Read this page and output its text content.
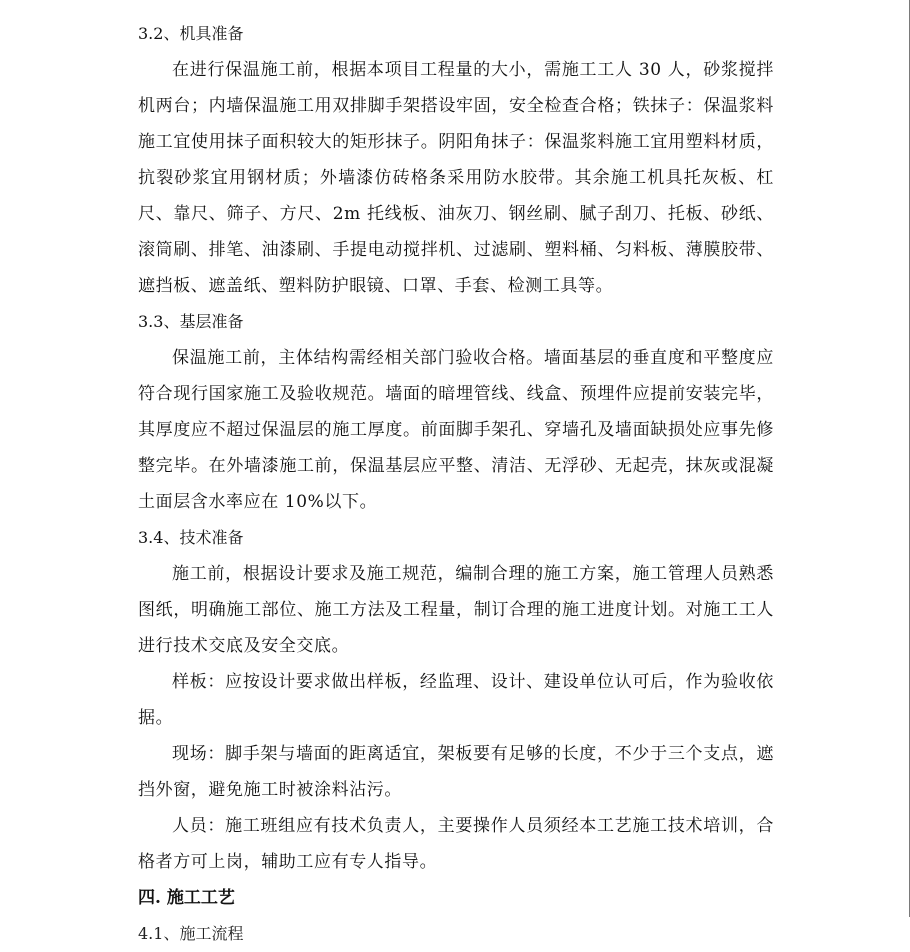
3.2、机具准备

在进行保温施工前，根据本项目工程量的大小，需施工工人 30 人，砂浆搅拌机两台；内墙保温施工用双排脚手架搭设牢固，安全检查合格；铁抹子：保温浆料施工宜使用抹子面积较大的矩形抹子。阴阳角抹子：保温浆料施工宜用塑料材质，抗裂砂浆宜用钢材质；外墙漆仿砖格条采用防水胶带。其余施工机具托灰板、杠尺、靠尺、筛子、方尺、2m 托线板、油灰刀、钢丝刷、腻子刮刀、托板、砂纸、滚筒刷、排笔、油漆刷、手提电动搅拌机、过滤刷、塑料桶、匀料板、薄膜胶带、遮挡板、遮盖纸、塑料防护眼镜、口罩、手套、检测工具等。

3.3、基层准备

保温施工前，主体结构需经相关部门验收合格。墙面基层的垂直度和平整度应符合现行国家施工及验收规范。墙面的暗埋管线、线盒、预埋件应提前安装完毕，其厚度应不超过保温层的施工厚度。前面脚手架孔、穿墙孔及墙面缺损处应事先修整完毕。在外墙漆施工前，保温基层应平整、清洁、无浮砂、无起壳，抹灰或混凝土面层含水率应在 10%以下。

3.4、技术准备

施工前，根据设计要求及施工规范，编制合理的施工方案，施工管理人员熟悉图纸，明确施工部位、施工方法及工程量，制订合理的施工进度计划。对施工工人进行技术交底及安全交底。

样板：应按设计要求做出样板，经监理、设计、建设单位认可后，作为验收依据。

现场：脚手架与墙面的距离适宜，架板要有足够的长度，不少于三个支点，遮挡外窗，避免施工时被涂料沾污。

人员：施工班组应有技术负责人，主要操作人员须经本工艺施工技术培训，合格者方可上岗，辅助工应有专人指导。

四. 施工工艺

4.1、施工流程
